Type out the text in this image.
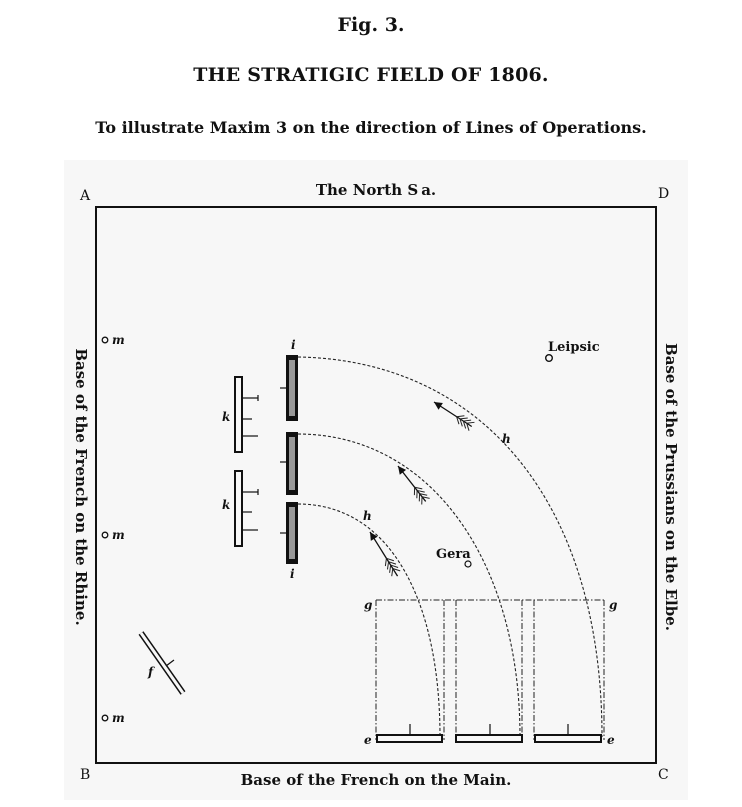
Fig. 3.
THE STRATIGIC FIELD OF 1806.
To illustrate Maxim 3 on the direction of Lines of Operations.
A
B	C
D
The North S a.
Base of the French on the Main.
Base of the French on the Rhine.	Base of the Prussians on the Elbe.
m
m
m
f
k
k
i
i
h
h
Leipsic
Gera
g	g
e	e
